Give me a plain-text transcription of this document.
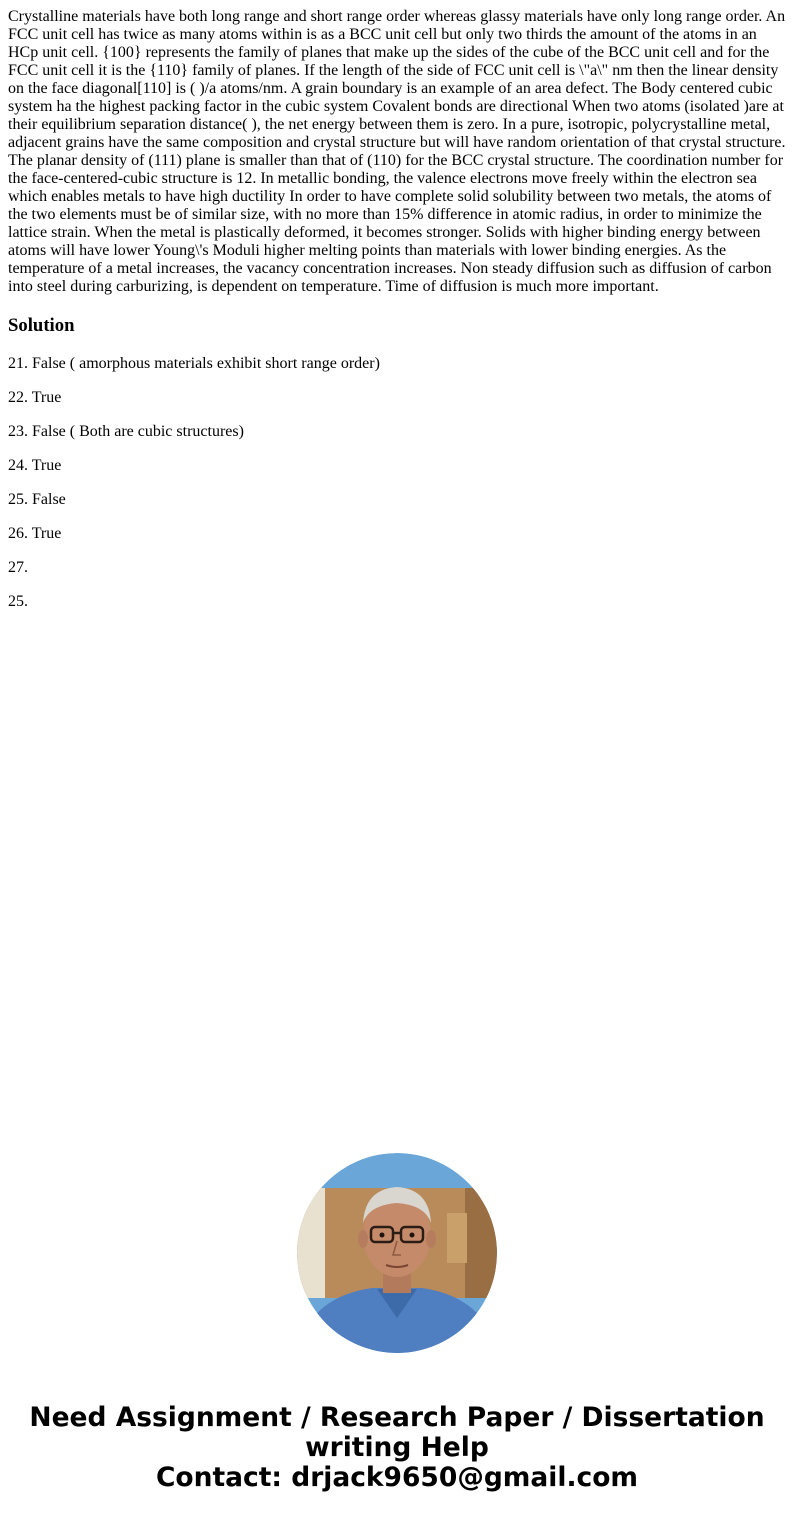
Crystalline materials have both long range and short range order whereas glassy materials have only long range order. An FCC unit cell has twice as many atoms within is as a BCC unit cell but only two thirds the amount of the atoms in an HCp unit cell. {100} represents the family of planes that make up the sides of the cube of the BCC unit cell and for the FCC unit cell it is the {110} family of planes. If the length of the side of FCC unit cell is \"a\" nm then the linear density on the face diagonal[110] is ( )/a atoms/nm. A grain boundary is an example of an area defect. The Body centered cubic system ha the highest packing factor in the cubic system Covalent bonds are directional When two atoms (isolated )are at their equilibrium separation distance( ), the net energy between them is zero. In a pure, isotropic, polycrystalline metal, adjacent grains have the same composition and crystal structure but will have random orientation of that crystal structure. The planar density of (111) plane is smaller than that of (110) for the BCC crystal structure. The coordination number for the face-centered-cubic structure is 12. In metallic bonding, the valence electrons move freely within the electron sea which enables metals to have high ductility In order to have complete solid solubility between two metals, the atoms of the two elements must be of similar size, with no more than 15% difference in atomic radius, in order to minimize the lattice strain. When the metal is plastically deformed, it becomes stronger. Solids with higher binding energy between atoms will have lower Young\'s Moduli higher melting points than materials with lower binding energies. As the temperature of a metal increases, the vacancy concentration increases. Non steady diffusion such as diffusion of carbon into steel during carburizing, is dependent on temperature. Time of diffusion is much more important.

Solution

21. False ( amorphous materials exhibit short range order)

22. True

23. False ( Both are cubic structures)

24. True

25. False

26. True

27.

25.

Need Assignment / Research Paper / Dissertation
writing Help
Contact: drjack9650@gmail.com
